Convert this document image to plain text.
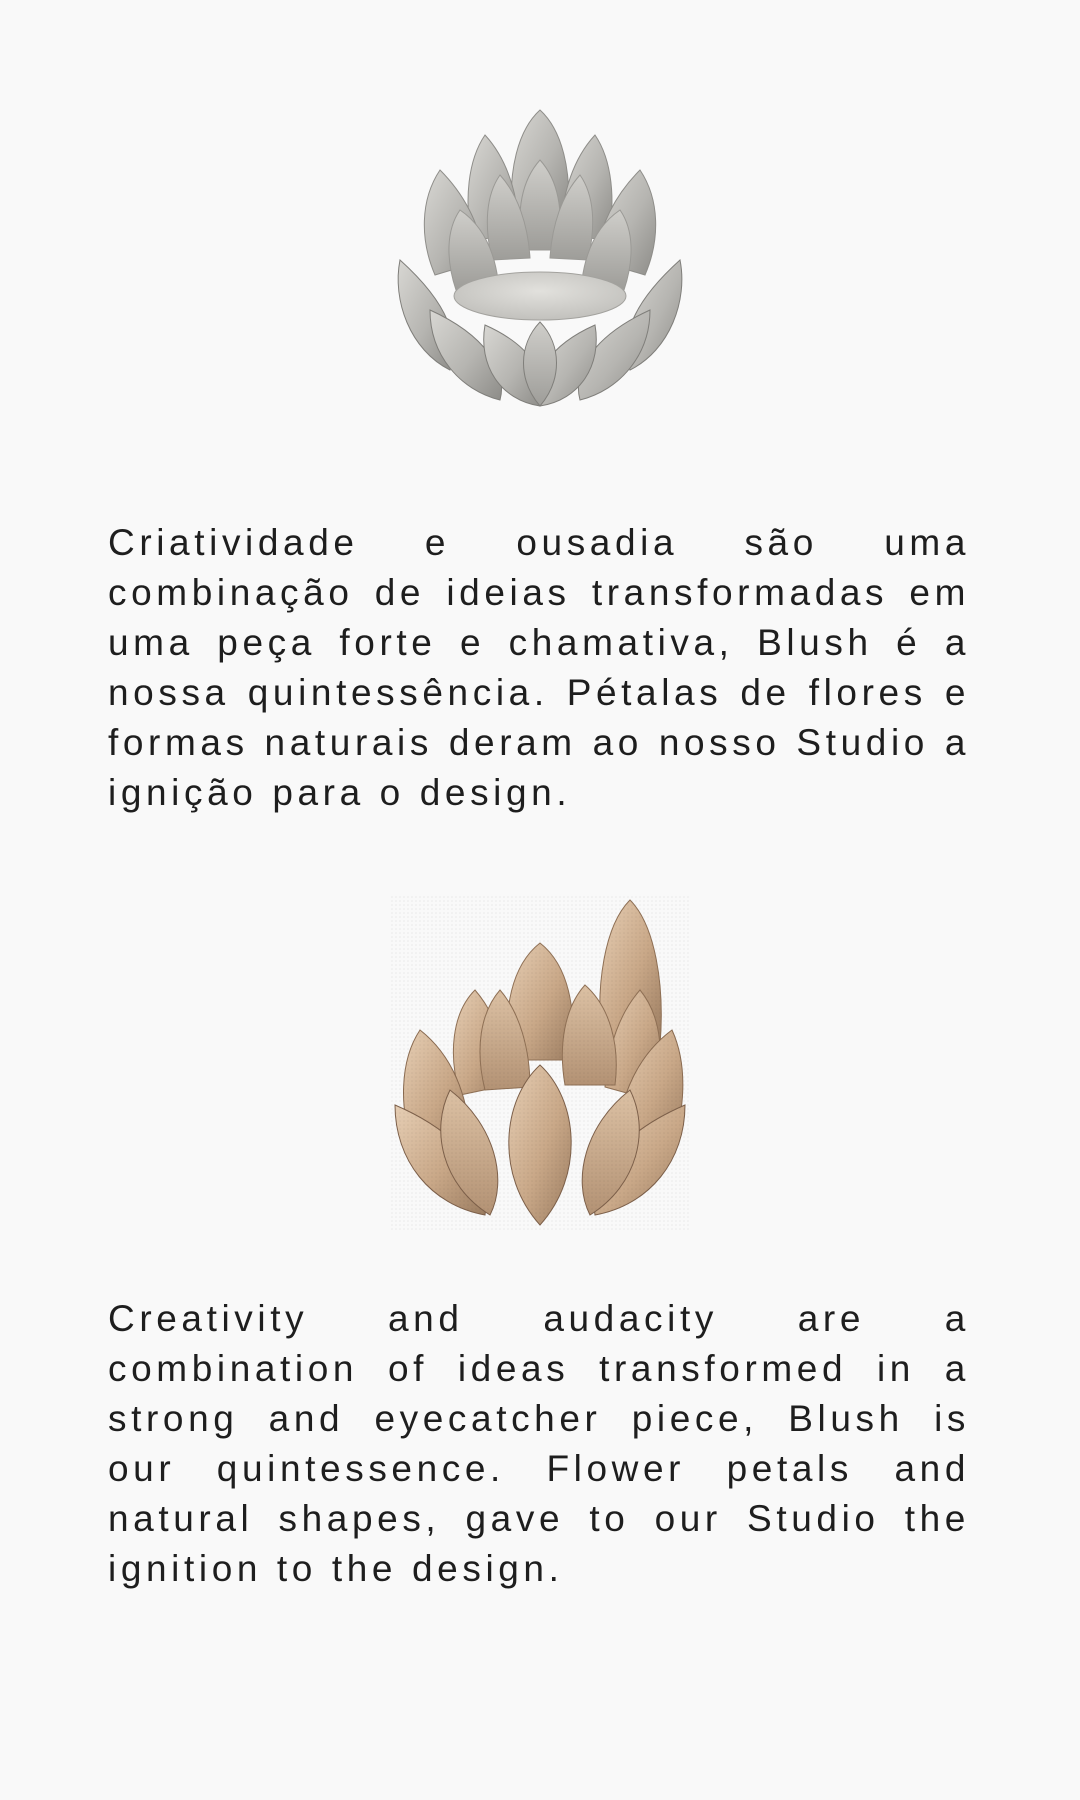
Criatividade e ousadia são uma combinação de ideias transformadas em uma peça forte e chamativa, Blush é a nossa quintessência. Pétalas de flores e formas naturais deram ao nosso Studio a ignição para o design.

Creativity and audacity are a combination of ideas transformed in a strong and eyecatcher piece, Blush is our quintessence. Flower petals and natural shapes, gave to our Studio the ignition to the design.
